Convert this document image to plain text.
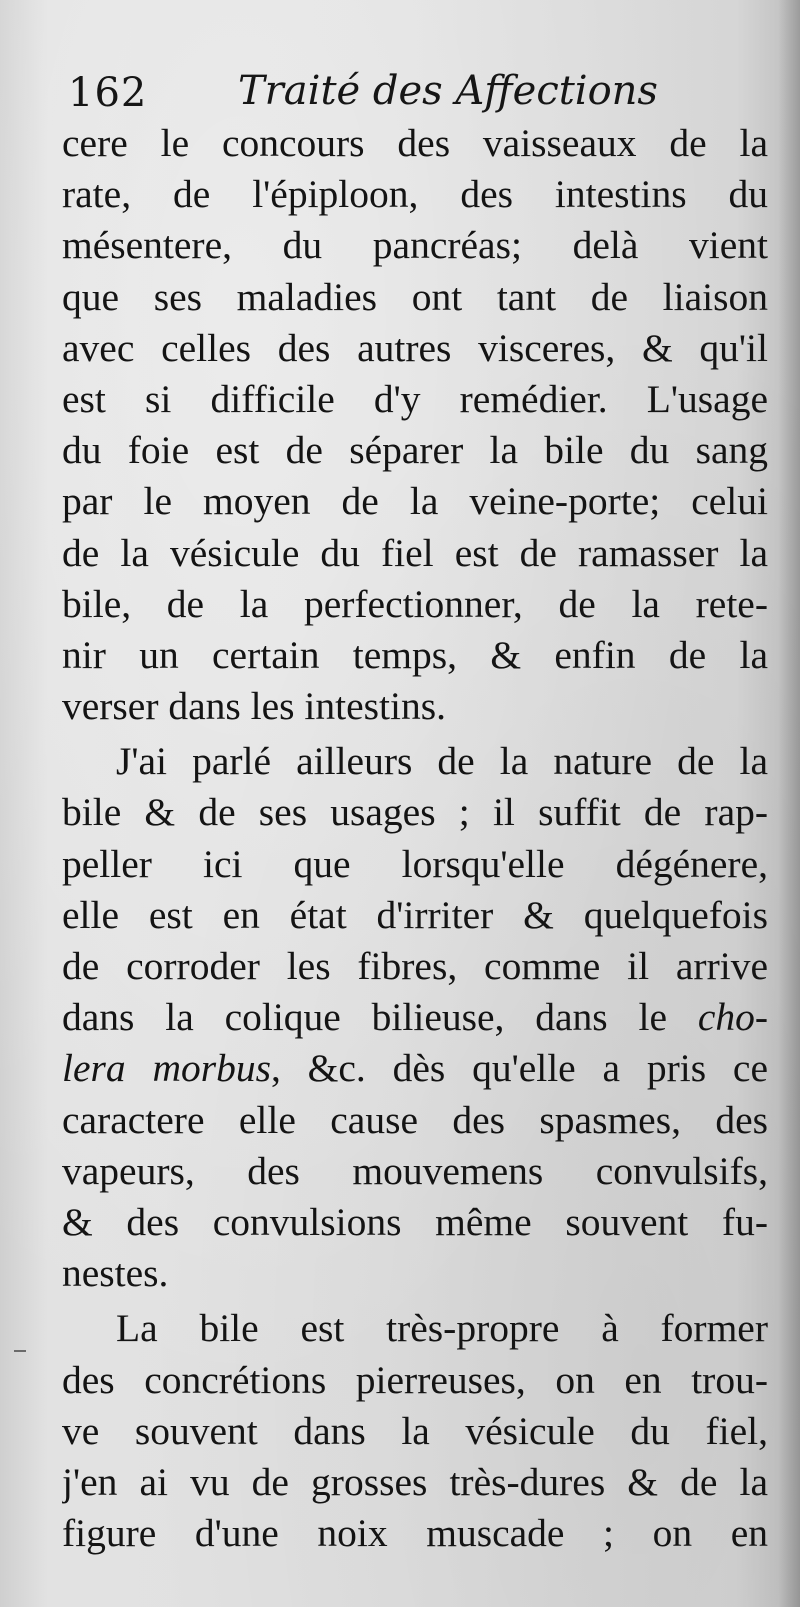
162 Traité des Affections
cere le concours des vaisseaux de la
rate, de l'épiploon, des intestins du
mésentere, du pancréas; delà vient
que ses maladies ont tant de liaison
avec celles des autres visceres, & qu'il
est si difficile d'y remédier. L'usage
du foie est de séparer la bile du sang
par le moyen de la veine-porte; celui
de la vésicule du fiel est de ramasser la
bile, de la perfectionner, de la rete-
nir un certain temps, & enfin de la
verser dans les intestins.
J'ai parlé ailleurs de la nature de la
bile & de ses usages ; il suffit de rap-
peller ici que lorsqu'elle dégénere,
elle est en état d'irriter & quelquefois
de corroder les fibres, comme il arrive
dans la colique bilieuse, dans le cho-
lera morbus, &c. dès qu'elle a pris ce
caractere elle cause des spasmes, des
vapeurs, des mouvemens convulsifs,
& des convulsions même souvent fu-
nestes.
La bile est très-propre à former
des concrétions pierreuses, on en trou-
ve souvent dans la vésicule du fiel,
j'en ai vu de grosses très-dures & de la
figure d'une noix muscade ; on en
